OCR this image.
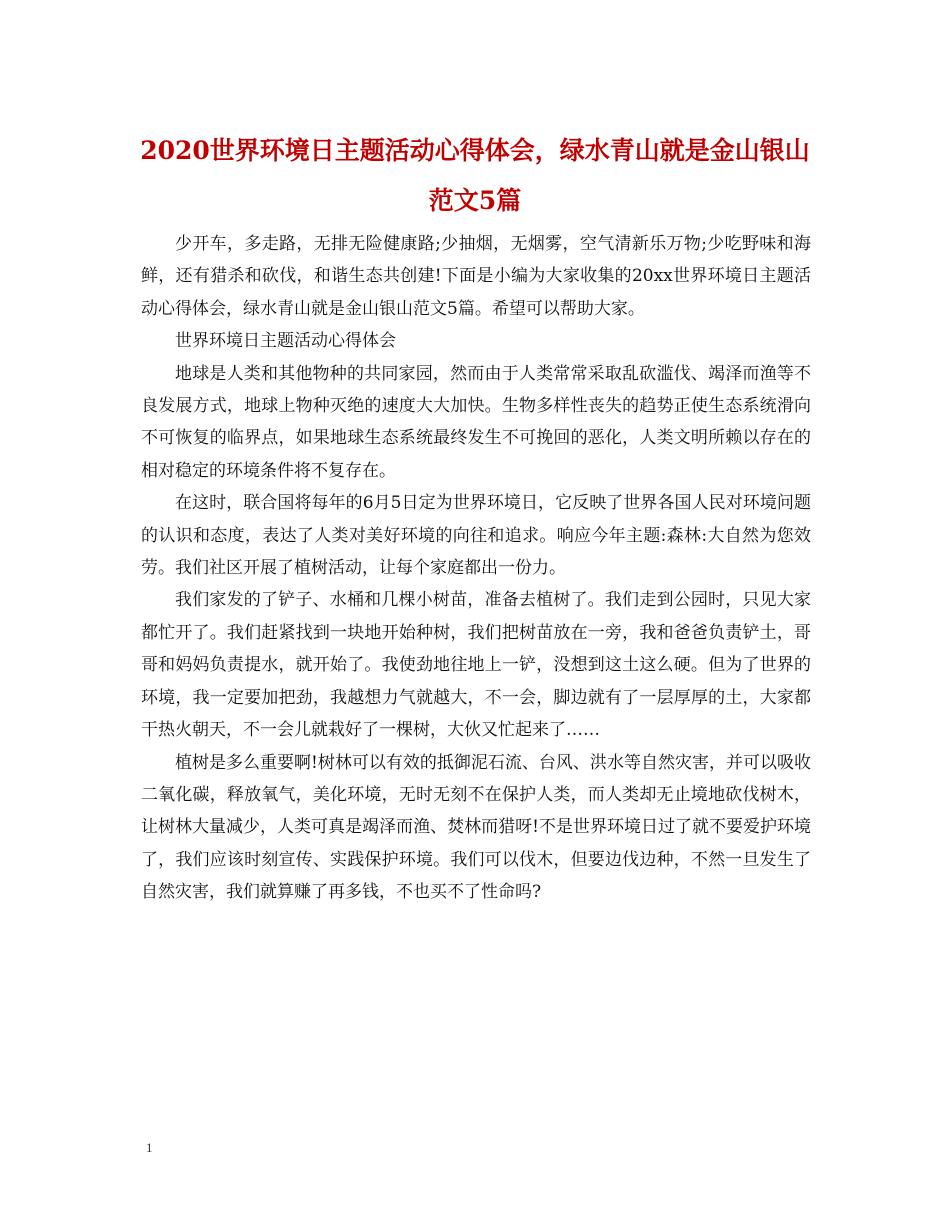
2020世界环境日主题活动心得体会，绿水青山就是金山银山
范文5篇

少开车，多走路，无排无险健康路;少抽烟，无烟雾，空气清新乐万物;少吃野味和海鲜，还有猎杀和砍伐，和谐生态共创建!下面是小编为大家收集的20xx世界环境日主题活动心得体会，绿水青山就是金山银山范文5篇。希望可以帮助大家。

世界环境日主题活动心得体会

地球是人类和其他物种的共同家园，然而由于人类常常采取乱砍滥伐、竭泽而渔等不良发展方式，地球上物种灭绝的速度大大加快。生物多样性丧失的趋势正使生态系统滑向不可恢复的临界点，如果地球生态系统最终发生不可挽回的恶化，人类文明所赖以存在的相对稳定的环境条件将不复存在。

在这时，联合国将每年的6月5日定为世界环境日，它反映了世界各国人民对环境问题的认识和态度，表达了人类对美好环境的向往和追求。响应今年主题:森林:大自然为您效劳。我们社区开展了植树活动，让每个家庭都出一份力。

我们家发的了铲子、水桶和几棵小树苗，准备去植树了。我们走到公园时，只见大家都忙开了。我们赶紧找到一块地开始种树，我们把树苗放在一旁，我和爸爸负责铲土，哥哥和妈妈负责提水，就开始了。我使劲地往地上一铲，没想到这土这么硬。但为了世界的环境，我一定要加把劲，我越想力气就越大，不一会，脚边就有了一层厚厚的土，大家都干热火朝天，不一会儿就栽好了一棵树，大伙又忙起来了……

植树是多么重要啊!树林可以有效的抵御泥石流、台风、洪水等自然灾害，并可以吸收二氧化碳，释放氧气，美化环境，无时无刻不在保护人类，而人类却无止境地砍伐树木，让树林大量减少，人类可真是竭泽而渔、焚林而猎呀!不是世界环境日过了就不要爱护环境了，我们应该时刻宣传、实践保护环境。我们可以伐木，但要边伐边种，不然一旦发生了自然灾害，我们就算赚了再多钱，不也买不了性命吗?

1
